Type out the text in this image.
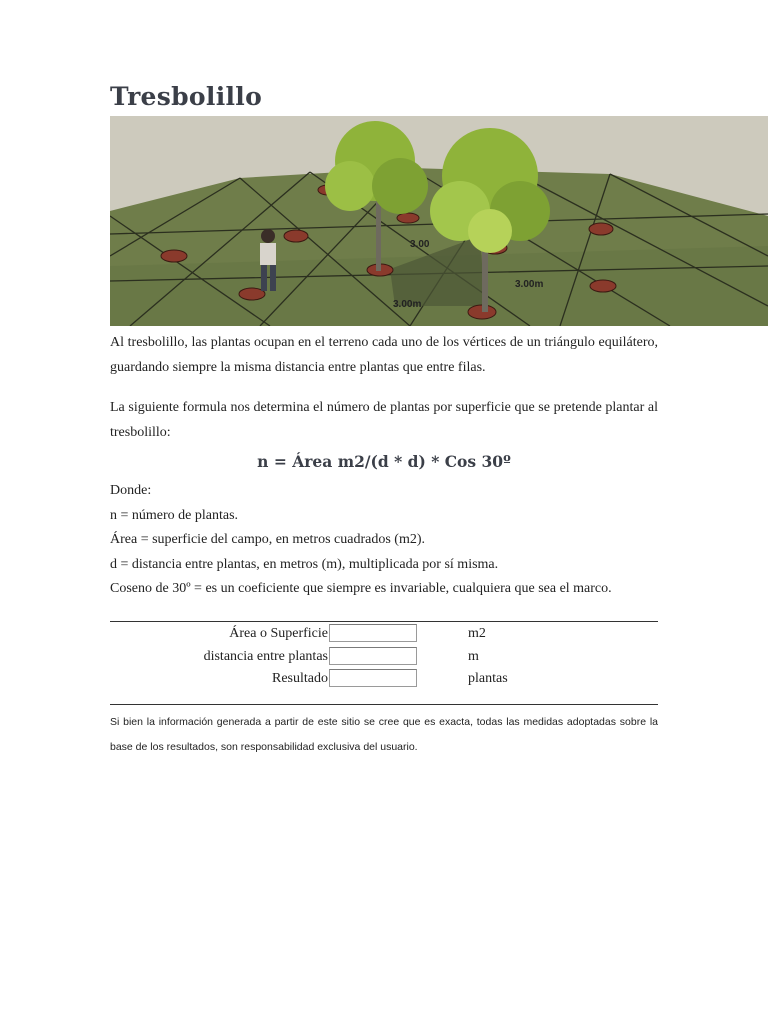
Tresbolillo
3.00
3.00m
3.00m

Al tresbolillo, las plantas ocupan en el terreno cada uno de los vértices de un triángulo equilátero, guardando siempre la misma distancia entre plantas que entre filas.

La siguiente formula nos determina el número de plantas por superficie que se pretende plantar al tresbolillo:

n = Área m2/(d * d) * Cos 30º

Donde:

n = número de plantas.

Área = superficie del campo, en metros cuadrados (m2).

d = distancia entre plantas, en metros (m), multiplicada por sí misma.

Coseno de 30º = es un coeficiente que siempre es invariable, cualquiera que sea el marco.

Área o Superficie	m2
distancia entre plantas	m
Resultado	plantas

Si bien la información generada a partir de este sitio se cree que es exacta, todas las medidas adoptadas sobre la base de los resultados, son responsabilidad exclusiva del usuario.
